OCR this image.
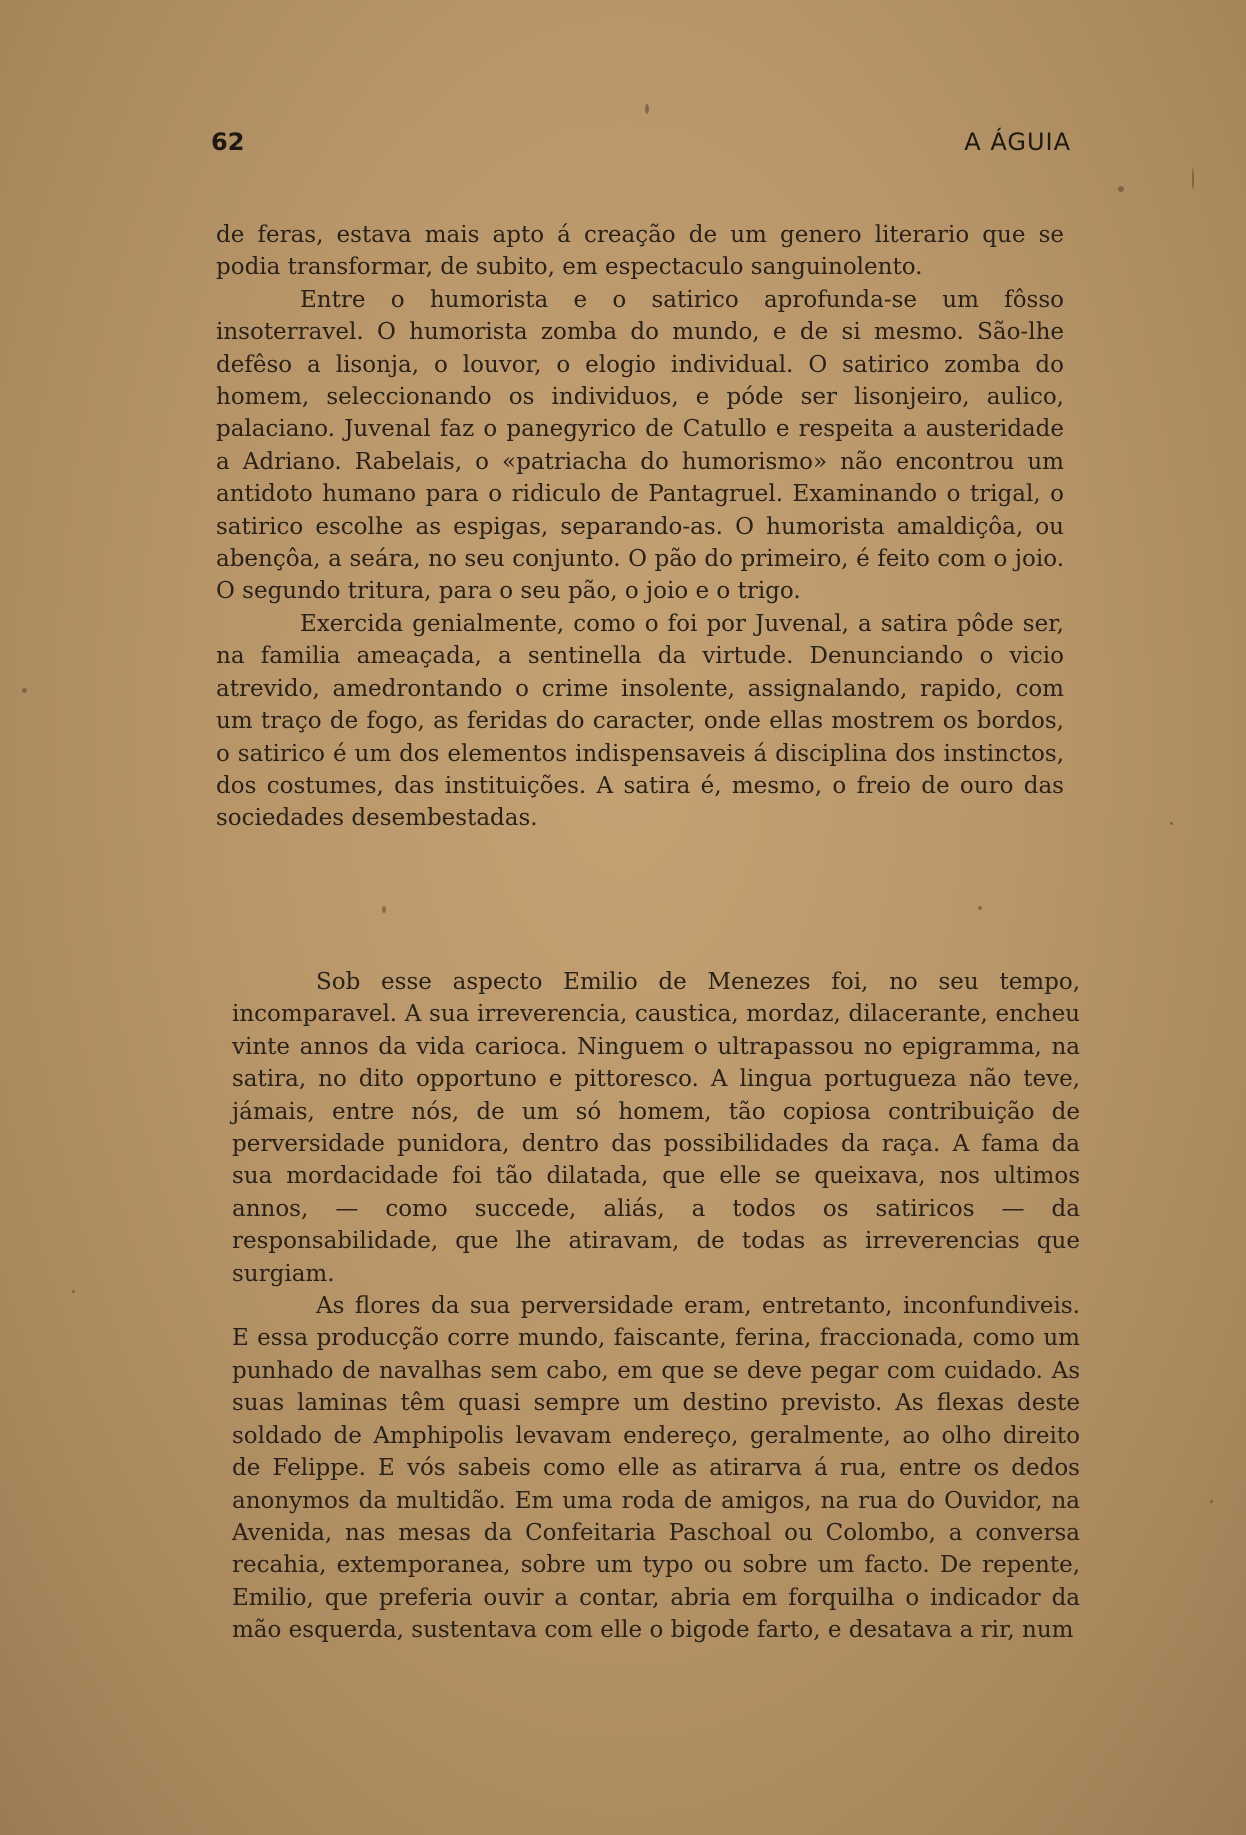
62	A ÁGUIA

de feras, estava mais apto á creação de um genero literario que se podia transformar, de subito, em espectaculo sanguinolento.

Entre o humorista e o satirico aprofunda-se um fôsso insoterravel. O humorista zomba do mundo, e de si mesmo. São-lhe defêso a lisonja, o louvor, o elogio individual. O satirico zomba do homem, seleccionando os individuos, e póde ser lisonjeiro, aulico, palaciano. Juvenal faz o panegyrico de Catullo e respeita a austeridade a Adriano. Rabelais, o «patriacha do humorismo» não encontrou um antidoto humano para o ridiculo de Pantagruel. Examinando o trigal, o satirico escolhe as espigas, separando-as. O humorista amaldiçôa, ou abençôa, a seára, no seu conjunto. O pão do primeiro, é feito com o joio. O segundo tritura, para o seu pão, o joio e o trigo.

Exercida genialmente, como o foi por Juvenal, a satira pôde ser, na familia ameaçada, a sentinella da virtude. Denunciando o vicio atrevido, amedrontando o crime insolente, assignalando, rapido, com um traço de fogo, as feridas do caracter, onde ellas mostrem os bordos, o satirico é um dos elementos indispensaveis á disciplina dos instinctos, dos costumes, das instituições. A satira é, mesmo, o freio de ouro das sociedades desembestadas.

Sob esse aspecto Emilio de Menezes foi, no seu tempo, incomparavel. A sua irreverencia, caustica, mordaz, dilacerante, encheu vinte annos da vida carioca. Ninguem o ultrapassou no epigramma, na satira, no dito opportuno e pittoresco. A lingua portugueza não teve, jámais, entre nós, de um só homem, tão copiosa contribuição de perversidade punidora, dentro das possibilidades da raça. A fama da sua mordacidade foi tão dilatada, que elle se queixava, nos ultimos annos, — como succede, aliás, a todos os satiricos — da responsabilidade, que lhe atiravam, de todas as irreverencias que surgiam.

As flores da sua perversidade eram, entretanto, inconfundiveis. E essa producção corre mundo, faiscante, ferina, fraccionada, como um punhado de navalhas sem cabo, em que se deve pegar com cuidado. As suas laminas têm quasi sempre um destino previsto. As flexas deste soldado de Amphipolis levavam endereço, geralmente, ao olho direito de Felippe. E vós sabeis como elle as atirarva á rua, entre os dedos anonymos da multidão. Em uma roda de amigos, na rua do Ouvidor, na Avenida, nas mesas da Confeitaria Paschoal ou Colombo, a conversa recahia, extemporanea, sobre um typo ou sobre um facto. De repente, Emilio, que preferia ouvir a contar, abria em forquilha o indicador da mão esquerda, sustentava com elle o bigode farto, e desatava a rir, num
